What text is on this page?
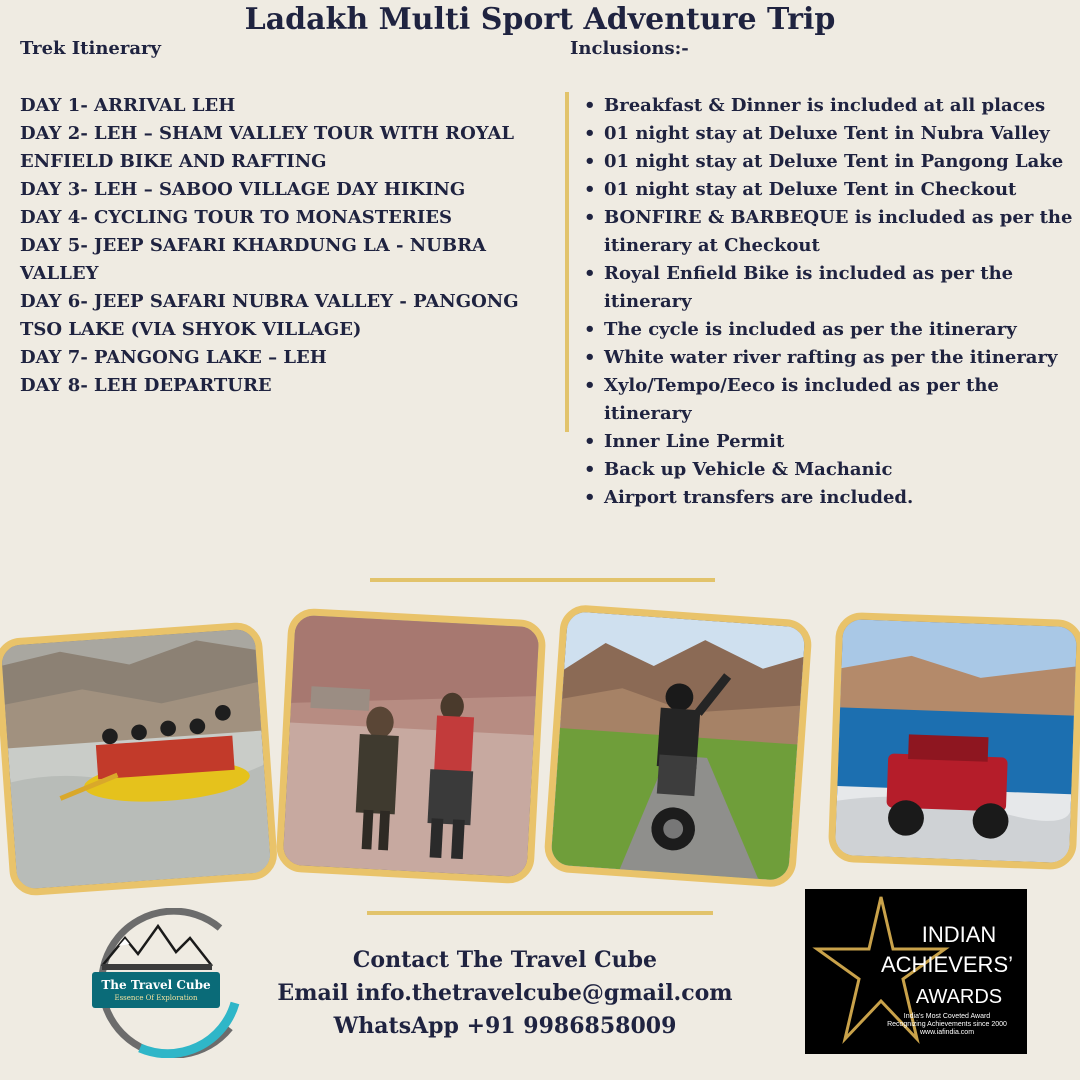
Ladakh Multi Sport Adventure Trip
Trek Itinerary	Inclusions:-
DAY 1- ARRIVAL LEH
DAY 2- LEH – SHAM VALLEY TOUR WITH ROYAL ENFIELD BIKE AND RAFTING
DAY 3- LEH – SABOO VILLAGE DAY HIKING
DAY 4- CYCLING TOUR TO MONASTERIES
DAY 5- JEEP SAFARI KHARDUNG LA - NUBRA VALLEY
DAY 6- JEEP SAFARI NUBRA VALLEY - PANGONG TSO LAKE (VIA SHYOK VILLAGE)
DAY 7- PANGONG LAKE – LEH
DAY 8- LEH DEPARTURE
• Breakfast & Dinner is included at all places
• 01 night stay at Deluxe Tent in Nubra Valley
• 01 night stay at Deluxe Tent in Pangong Lake
• 01 night stay at Deluxe Tent in Checkout
• BONFIRE & BARBEQUE is included as per the itinerary at Checkout
• Royal Enfield Bike is included as per the itinerary
• The cycle is included as per the itinerary
• White water river rafting as per the itinerary
• Xylo/Tempo/Eeco is included as per the itinerary
• Inner Line Permit
• Back up Vehicle & Machanic
• Airport transfers are included.
The Travel Cube
Essence Of Exploration
Contact The Travel Cube
Email info.thetravelcube@gmail.com
WhatsApp +91 9986858009
INDIAN
ACHIEVERS’
AWARDS
India's Most Coveted Award
Recognizing Achievements since 2000
www.iafindia.com
